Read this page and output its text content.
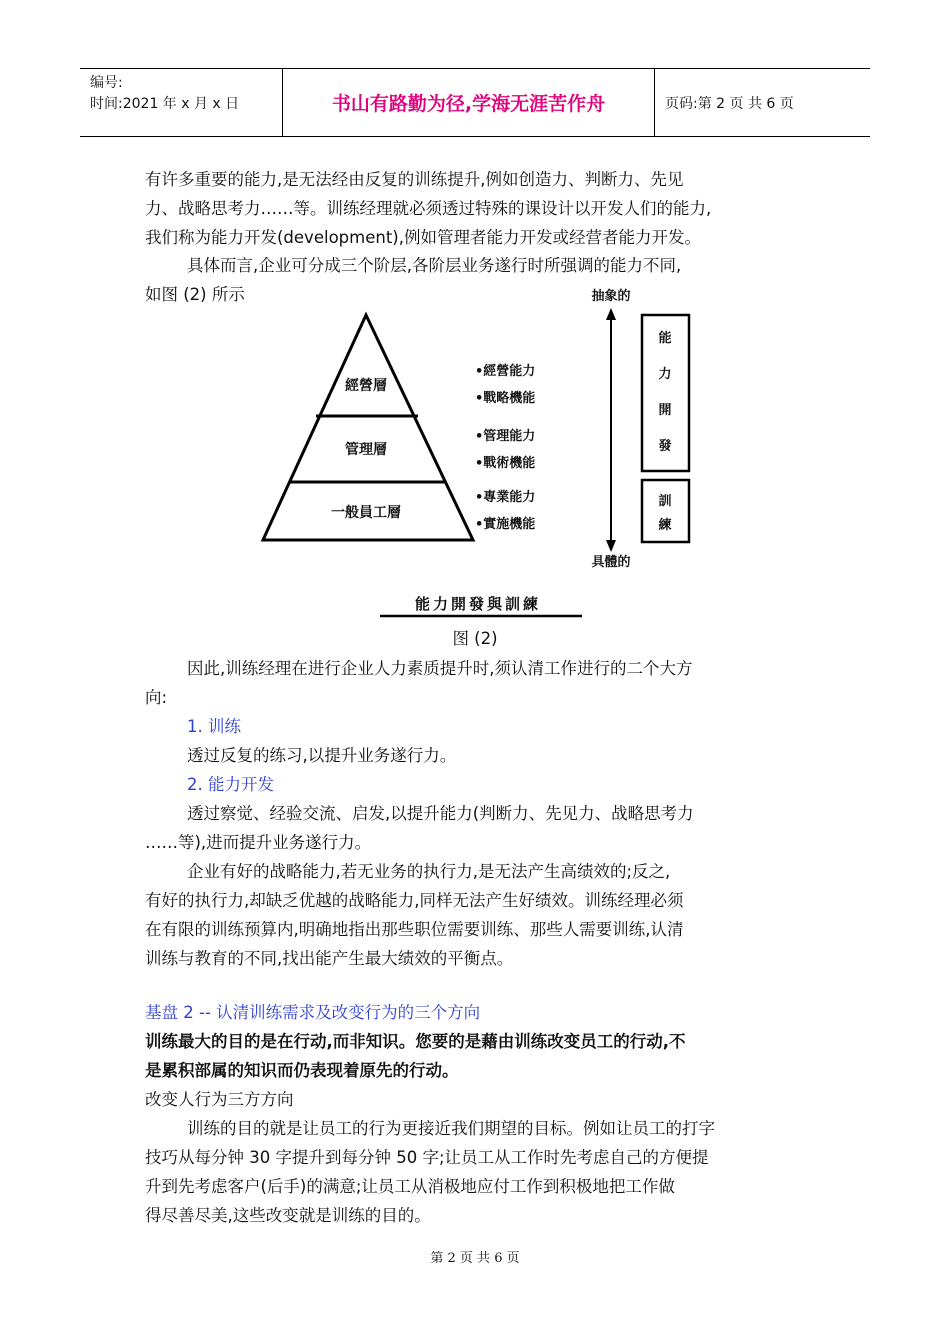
编号:
时间:2021 年 x 月 x 日	书山有路勤为径,学海无涯苦作舟	页码:第 2 页 共 6 页

有许多重要的能力,是无法经由反复的训练提升,例如创造力、判断力、先见
力、战略思考力……等。训练经理就必须透过特殊的课设计以开发人们的能力,
我们称为能力开发(development),例如管理者能力开发或经营者能力开发。

具体而言,企业可分成三个阶层,各阶层业务遂行时所强调的能力不同,

如图 (2) 所示

經營層
管理層
一般員工層
•經營能力
•戰略機能
•管理能力
•戰術機能
•專業能力
•實施機能
抽象的
具體的
能
力
開
發
訓
練
能力開發與訓練
图 (2)

因此,训练经理在进行企业人力素质提升时,须认清工作进行的二个大方
向:

1. 训练

透过反复的练习,以提升业务遂行力。

2. 能力开发

透过察觉、经验交流、启发,以提升能力(判断力、先见力、战略思考力
……等),进而提升业务遂行力。

企业有好的战略能力,若无业务的执行力,是无法产生高绩效的;反之,
有好的执行力,却缺乏优越的战略能力,同样无法产生好绩效。训练经理必须
在有限的训练预算内,明确地指出那些职位需要训练、那些人需要训练,认清
训练与教育的不同,找出能产生最大绩效的平衡点。

基盘 2 -- 认清训练需求及改变行为的三个方向

训练最大的目的是在行动,而非知识。您要的是藉由训练改变员工的行动,不
是累积部属的知识而仍表现着原先的行动。

改变人行为三方方向

训练的目的就是让员工的行为更接近我们期望的目标。例如让员工的打字
技巧从每分钟 30 字提升到每分钟 50 字;让员工从工作时先考虑自己的方便提
升到先考虑客户(后手)的满意;让员工从消极地应付工作到积极地把工作做
得尽善尽美,这些改变就是训练的目的。

第 2 页 共 6 页
